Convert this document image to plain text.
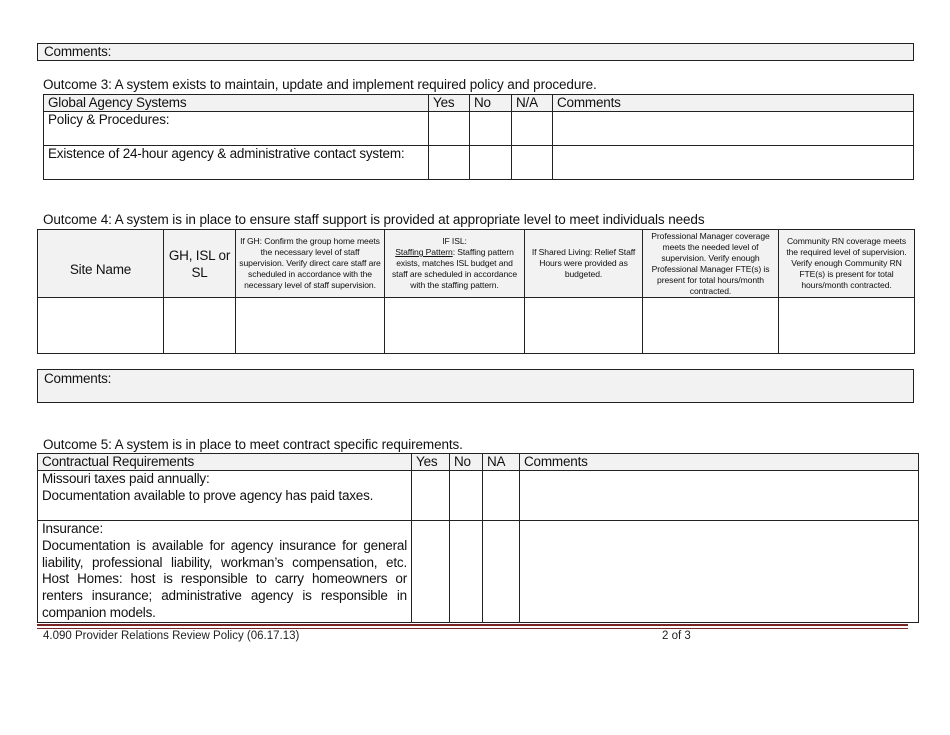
Comments:
Outcome 3: A system exists to maintain, update and implement required policy and procedure.
Global Agency Systems	Yes	No	N/A	Comments
Policy & Procedures:				
Existence of 24-hour agency & administrative contact system:				
Outcome 4: A system is in place to ensure staff support is provided at appropriate level to meet individuals needs
Site Name	GH, ISL or SL	If GH: Confirm the group home meets the necessary level of staff supervision. Verify direct care staff are scheduled in accordance with the necessary level of staff supervision.	IF ISL:
Staffing Pattern: Staffing pattern exists, matches ISL budget and staff are scheduled in accordance with the staffing pattern.	If Shared Living: Relief Staff Hours were provided as budgeted.	Professional Manager coverage meets the needed level of supervision. Verify enough Professional Manager FTE(s) is present for total hours/month contracted.	Community RN coverage meets the required level of supervision. Verify enough Community RN FTE(s) is present for total hours/month contracted.

Comments:
Outcome 5: A system is in place to meet contract specific requirements.
Contractual Requirements	Yes	No	NA	Comments

Missouri taxes paid annually:
Documentation available to prove agency has paid taxes.				

Insurance:
Documentation is available for agency insurance for general liability, professional liability, workman’s compensation, etc. Host Homes: host is responsible to carry homeowners or renters insurance; administrative agency is responsible in companion models.				

4.090 Provider Relations Review Policy (06.17.13)	2 of 3
